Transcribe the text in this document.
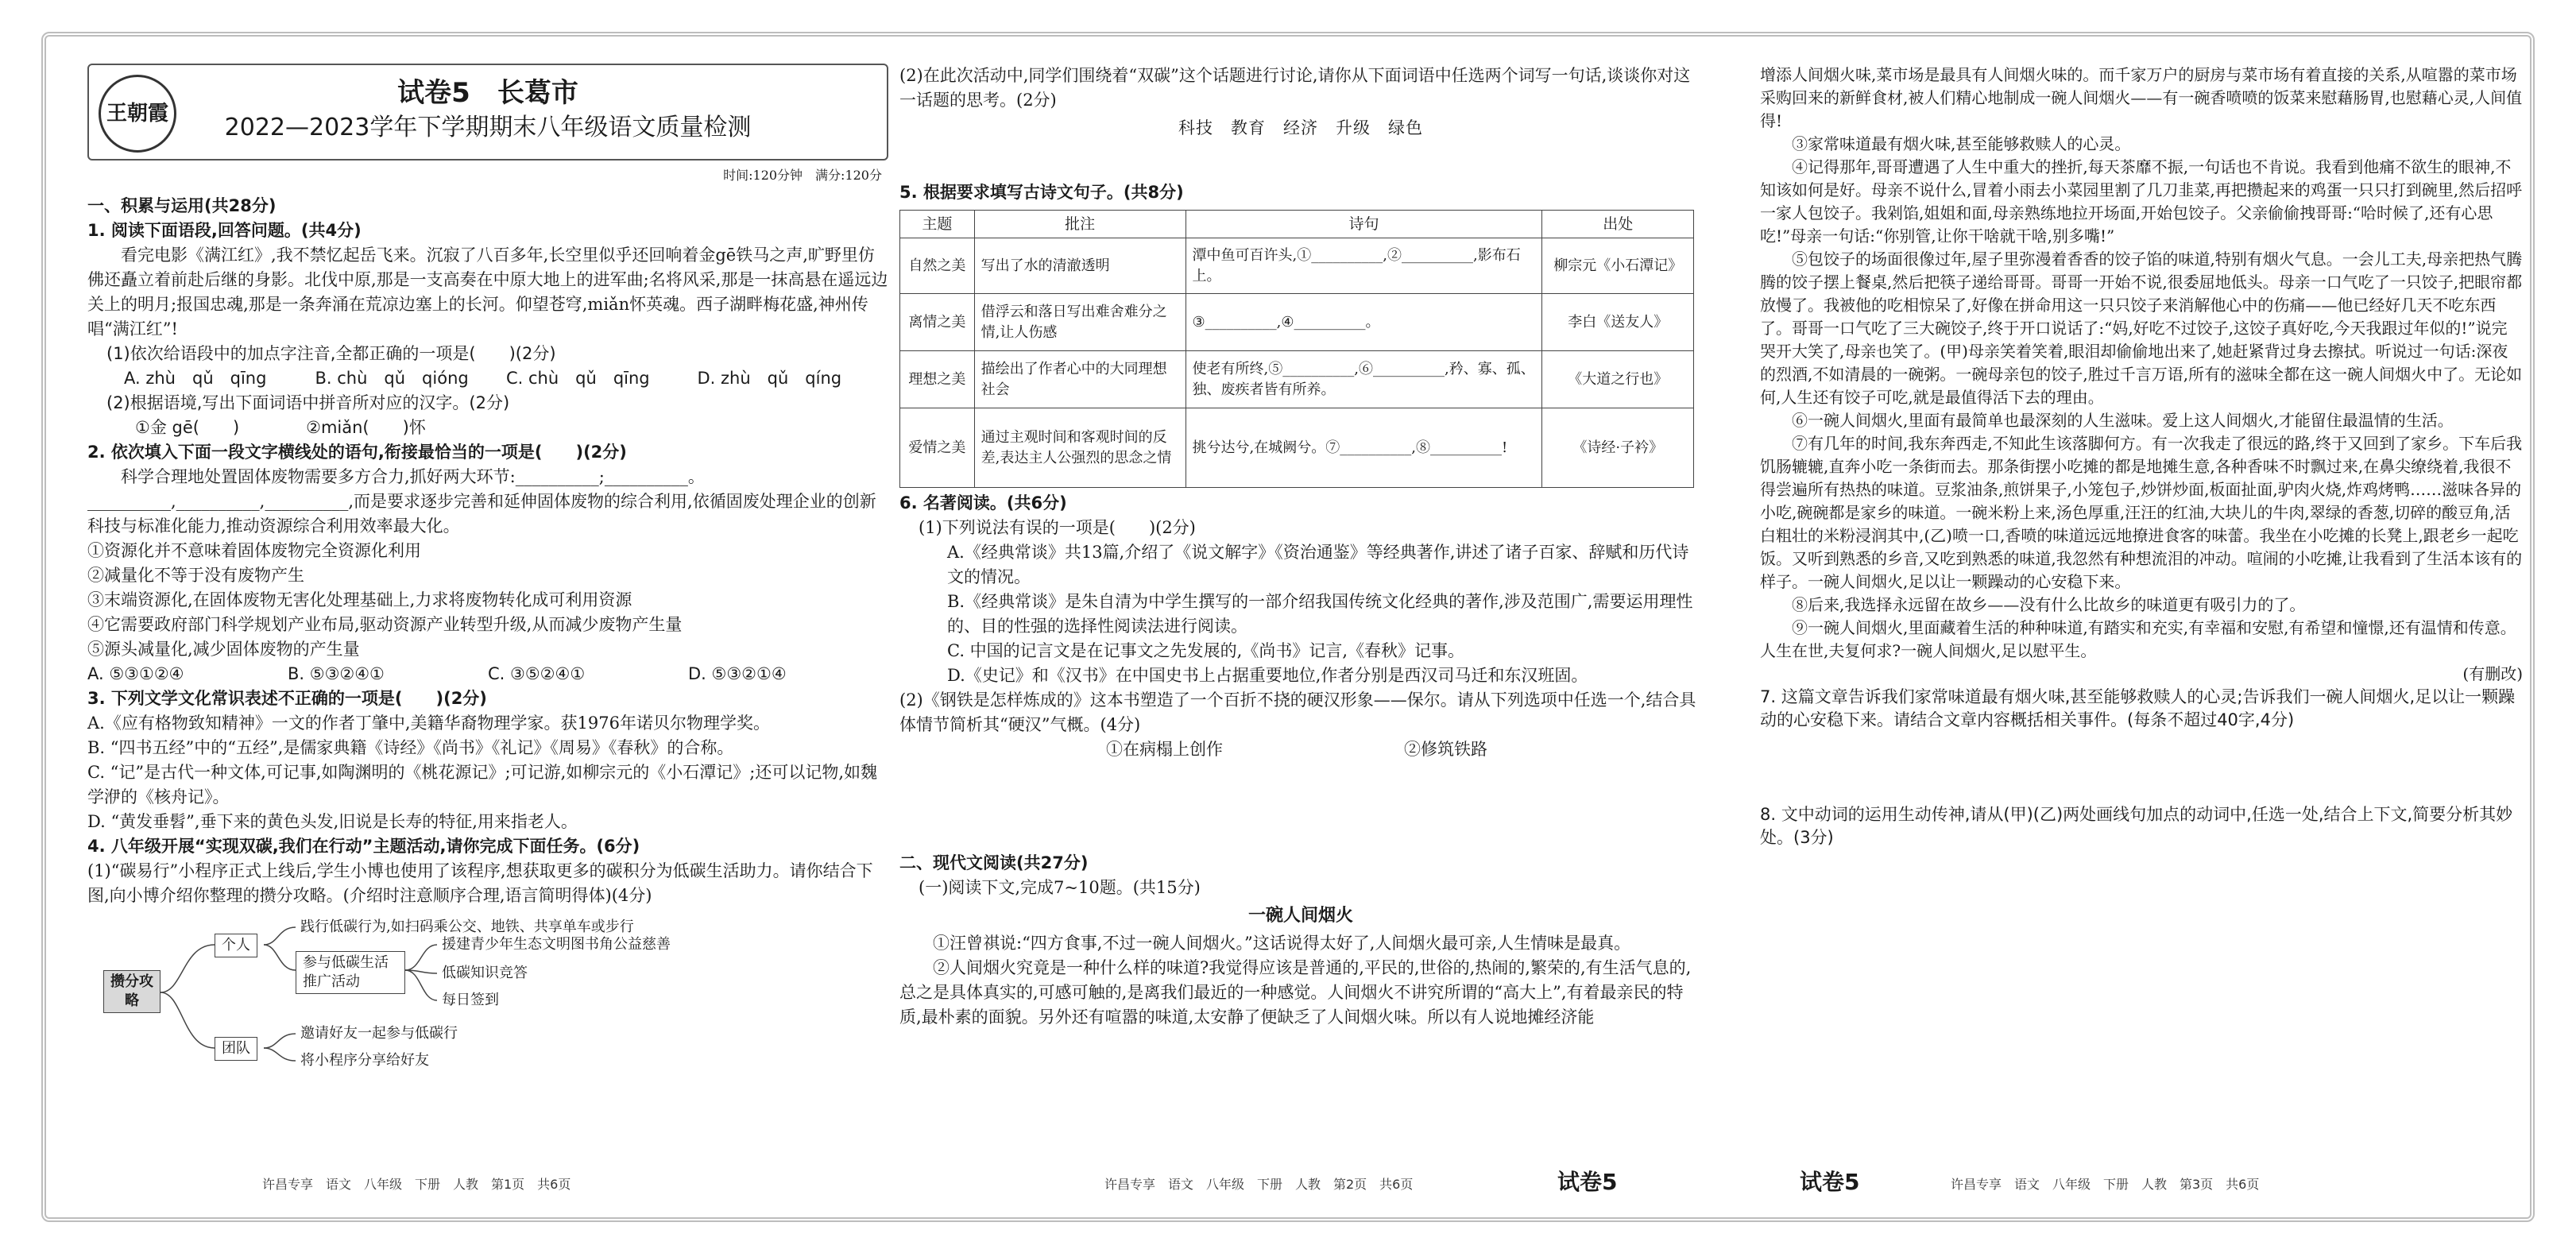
王朝霞
试卷5　长葛市
2022—2023学年下学期期末八年级语文质量检测
时间:120分钟　满分:120分
一、积累与运用(共28分)
1. 阅读下面语段,回答问题。(共4分)
看完电影《满江红》,我不禁忆起岳飞来。沉寂了八百多年,长空里似乎还回响着金gē铁马之声,旷野里仿佛还矗立着前赴后继的身影。北伐中原,那是一支高奏在中原大地上的进军曲;名将风采,那是一抹高悬在遥远边关上的明月;报国忠魂,那是一条奔涌在荒凉边塞上的长河。仰望苍穹,miǎn怀英魂。西子湖畔梅花盛,神州传唱“满江红”!
(1)依次给语段中的加点字注音,全都正确的一项是(　　)(2分)
A. zhù　qǔ　qīng	B. chù　qǔ　qióng	C. chù　qǔ　qīng	D. zhù　qǔ　qíng
(2)根据语境,写出下面词语中拼音所对应的汉字。(2分)
①金 gē(　　)　　　　②miǎn(　　)怀
2. 依次填入下面一段文字横线处的语句,衔接最恰当的一项是(　　)(2分)
科学合理地处置固体废物需要多方合力,抓好两大环节:__________;__________。__________,__________,__________,而是要求逐步完善和延伸固体废物的综合利用,依循固废处理企业的创新科技与标准化能力,推动资源综合利用效率最大化。
①资源化并不意味着固体废物完全资源化利用
②减量化不等于没有废物产生
③末端资源化,在固体废物无害化处理基础上,力求将废物转化成可利用资源
④它需要政府部门科学规划产业布局,驱动资源产业转型升级,从而减少废物产生量
⑤源头减量化,减少固体废物的产生量
A. ⑤③①②④	B. ⑤③②④①	C. ③⑤②④①	D. ⑤③②①④
3. 下列文学文化常识表述不正确的一项是(　　)(2分)
A.《应有格物致知精神》一文的作者丁肇中,美籍华裔物理学家。获1976年诺贝尔物理学奖。
B. “四书五经”中的“五经”,是儒家典籍《诗经》《尚书》《礼记》《周易》《春秋》的合称。
C. “记”是古代一种文体,可记事,如陶渊明的《桃花源记》;可记游,如柳宗元的《小石潭记》;还可以记物,如魏学洢的《核舟记》。
D. “黄发垂髫”,垂下来的黄色头发,旧说是长寿的特征,用来指老人。
4. 八年级开展“实现双碳,我们在行动”主题活动,请你完成下面任务。(6分)
(1)“碳易行”小程序正式上线后,学生小博也使用了该程序,想获取更多的碳积分为低碳生活助力。请你结合下图,向小博介绍你整理的攒分攻略。(介绍时注意顺序合理,语言简明得体)(4分)
攒分攻略
个人
团队
践行低碳行为,如扫码乘公交、地铁、共享单车或步行
参与低碳生活推广活动
援建青少年生态文明图书角公益慈善
低碳知识竞答
每日签到
邀请好友一起参与低碳行
将小程序分享给好友
许昌专享　语文　八年级　下册　人教　第1页　共6页
(2)在此次活动中,同学们围绕着“双碳”这个话题进行讨论,请你从下面词语中任选两个词写一句话,谈谈你对这一话题的思考。(2分)
科技　教育　经济　升级　绿色
5. 根据要求填写古诗文句子。(共8分)
主题	批注	诗句	出处
自然之美	写出了水的清澈透明	潭中鱼可百许头,①__________,②__________,影布石上。	柳宗元《小石潭记》
离情之美	借浮云和落日写出难舍难分之情,让人伤感	③__________,④__________。	李白《送友人》
理想之美	描绘出了作者心中的大同理想社会	使老有所终,⑤__________,⑥__________,矜、寡、孤、独、废疾者皆有所养。	《大道之行也》
爱情之美	通过主观时间和客观时间的反差,表达主人公强烈的思念之情	挑兮达兮,在城阙兮。⑦__________,⑧__________!	《诗经·子衿》
6. 名著阅读。(共6分)
(1)下列说法有误的一项是(　　)(2分)
A.《经典常谈》共13篇,介绍了《说文解字》《资治通鉴》等经典著作,讲述了诸子百家、辞赋和历代诗文的情况。
B.《经典常谈》是朱自清为中学生撰写的一部介绍我国传统文化经典的著作,涉及范围广,需要运用理性的、目的性强的选择性阅读法进行阅读。
C. 中国的记言文是在记事文之先发展的,《尚书》记言,《春秋》记事。
D.《史记》和《汉书》在中国史书上占据重要地位,作者分别是西汉司马迁和东汉班固。
(2)《钢铁是怎样炼成的》这本书塑造了一个百折不挠的硬汉形象——保尔。请从下列选项中任选一个,结合具体情节简析其“硬汉”气概。(4分)
①在病榻上创作	②修筑铁路
二、现代文阅读(共27分)
(一)阅读下文,完成7~10题。(共15分)
一碗人间烟火
①汪曾祺说:“四方食事,不过一碗人间烟火。”这话说得太好了,人间烟火最可亲,人生情味是最真。
②人间烟火究竟是一种什么样的味道?我觉得应该是普通的,平民的,世俗的,热闹的,繁荣的,有生活气息的,总之是具体真实的,可感可触的,是离我们最近的一种感觉。人间烟火不讲究所谓的“高大上”,有着最亲民的特质,最朴素的面貌。另外还有喧嚣的味道,太安静了便缺乏了人间烟火味。所以有人说地摊经济能
许昌专享　语文　八年级　下册　人教　第2页　共6页	试卷5
增添人间烟火味,菜市场是最具有人间烟火味的。而千家万户的厨房与菜市场有着直接的关系,从喧嚣的菜市场采购回来的新鲜食材,被人们精心地制成一碗人间烟火——有一碗香喷喷的饭菜来慰藉肠胃,也慰藉心灵,人间值得!
③家常味道最有烟火味,甚至能够救赎人的心灵。
④记得那年,哥哥遭遇了人生中重大的挫折,每天茶靡不振,一句话也不肯说。我看到他痛不欲生的眼神,不知该如何是好。母亲不说什么,冒着小雨去小菜园里割了几刀韭菜,再把攒起来的鸡蛋一只只打到碗里,然后招呼一家人包饺子。我剁馅,姐姐和面,母亲熟练地拉开场面,开始包饺子。父亲偷偷拽哥哥:“哈时候了,还有心思吃!”母亲一句话:“你别管,让你干啥就干啥,别多嘴!”
⑤包饺子的场面很像过年,屋子里弥漫着香香的饺子馅的味道,特别有烟火气息。一会儿工夫,母亲把热气腾腾的饺子摆上餐桌,然后把筷子递给哥哥。哥哥一开始不说,很委屈地低头。母亲一口气吃了一只饺子,把眼帘都放慢了。我被他的吃相惊呆了,好像在拼命用这一只只饺子来消解他心中的伤痛——他已经好几天不吃东西了。哥哥一口气吃了三大碗饺子,终于开口说话了:“妈,好吃不过饺子,这饺子真好吃,今天我跟过年似的!”说完哭开大笑了,母亲也笑了。(甲)母亲笑着笑着,眼泪却偷偷地出来了,她赶紧背过身去擦拭。听说过一句话:深夜的烈酒,不如清晨的一碗粥。一碗母亲包的饺子,胜过千言万语,所有的滋味全都在这一碗人间烟火中了。无论如何,人生还有饺子可吃,就是最值得活下去的理由。
⑥一碗人间烟火,里面有最简单也最深刻的人生滋味。爱上这人间烟火,才能留住最温情的生活。
⑦有几年的时间,我东奔西走,不知此生该落脚何方。有一次我走了很远的路,终于又回到了家乡。下车后我饥肠辘辘,直奔小吃一条街而去。那条街摆小吃摊的都是地摊生意,各种香味不时飘过来,在鼻尖缭绕着,我很不得尝遍所有热热的味道。豆浆油条,煎饼果子,小笼包子,炒饼炒面,板面扯面,驴肉火烧,炸鸡烤鸭……滋味各异的小吃,碗碗都是家乡的味道。一碗米粉上来,汤色厚重,汪汪的红油,大块儿的牛肉,翠绿的香葱,切碎的酸豆角,活白粗壮的米粉浸润其中,(乙)喷一口,香喷的味道远远地撩进食客的味蕾。我坐在小吃摊的长凳上,跟老乡一起吃饭。又听到熟悉的乡音,又吃到熟悉的味道,我忽然有种想流泪的冲动。喧闹的小吃摊,让我看到了生活本该有的样子。一碗人间烟火,足以让一颗躁动的心安稳下来。
⑧后来,我选择永远留在故乡——没有什么比故乡的味道更有吸引力的了。
⑨一碗人间烟火,里面藏着生活的种种味道,有踏实和充实,有幸福和安慰,有希望和憧憬,还有温情和传意。人生在世,夫复何求?一碗人间烟火,足以慰平生。
(有删改)
7. 这篇文章告诉我们家常味道最有烟火味,甚至能够救赎人的心灵;告诉我们一碗人间烟火,足以让一颗躁动的心安稳下来。请结合文章内容概括相关事件。(每条不超过40字,4分)
8. 文中动词的运用生动传神,请从(甲)(乙)两处画线句加点的动词中,任选一处,结合上下文,简要分析其妙处。(3分)
试卷5	许昌专享　语文　八年级　下册　人教　第3页　共6页
